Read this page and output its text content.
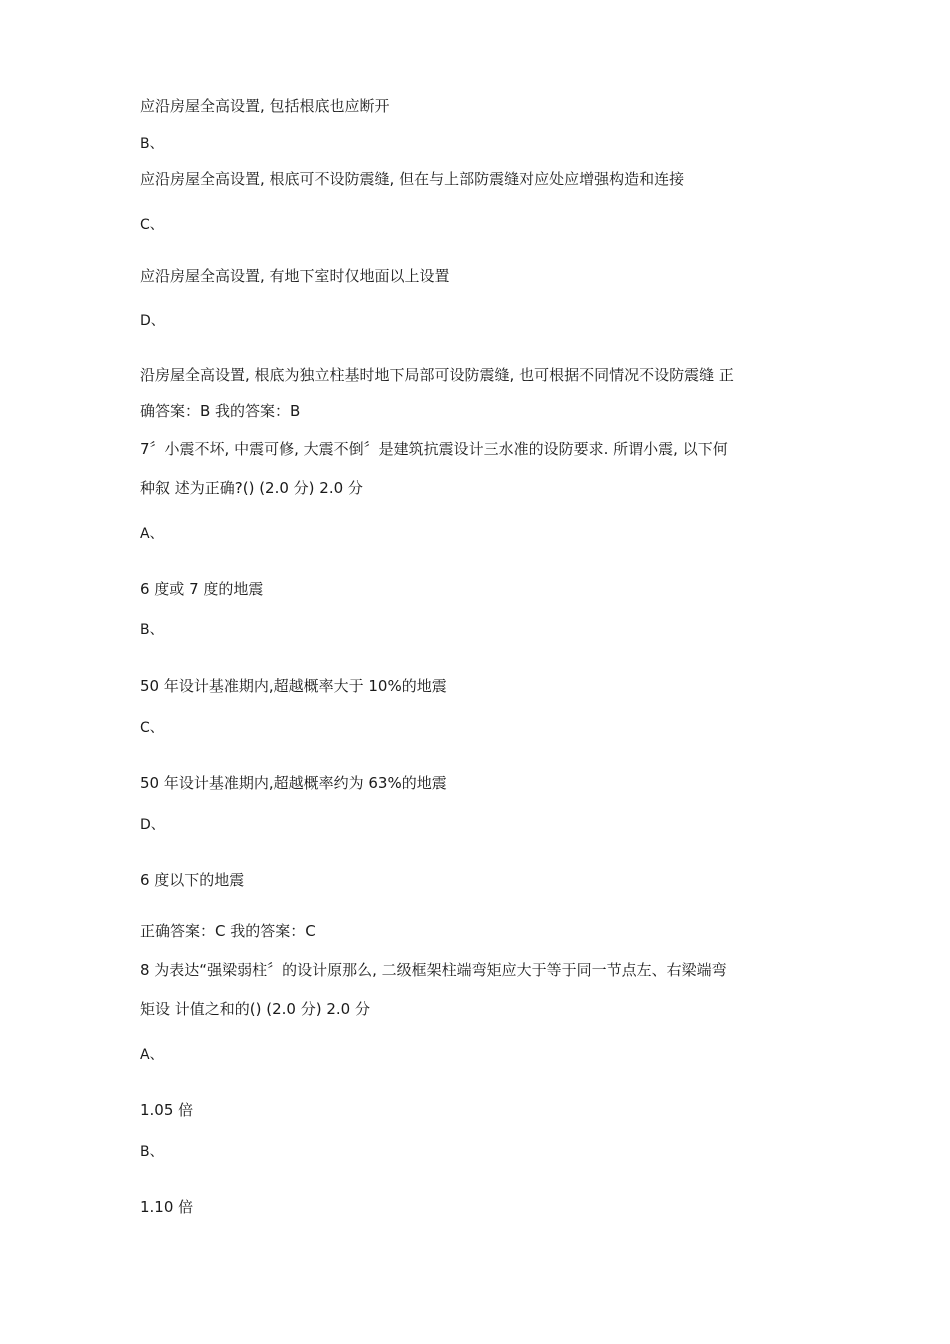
应沿房屋全高设置, 包括根底也应断开
B、
应沿房屋全高设置, 根底可不设防震缝, 但在与上部防震缝对应处应增强构造和连接
C、
应沿房屋全高设置, 有地下室时仅地面以上设置
D、
沿房屋全高设置, 根底为独立柱基时地下局部可设防震缝, 也可根据不同情况不设防震缝 正
确答案：B 我的答案：B
7〞小震不坏, 中震可修, 大震不倒〞是建筑抗震设计三水准的设防要求. 所谓小震, 以下何
种叙 述为正确?() (2.0 分) 2.0 分
A、
6 度或 7 度的地震
B、
50 年设计基准期内,超越概率大于 10%的地震
C、
50 年设计基准期内,超越概率约为 63%的地震
D、
6 度以下的地震
正确答案：C 我的答案：C
8 为表达“强梁弱柱〞的设计原那么, 二级框架柱端弯矩应大于等于同一节点左、右梁端弯
矩设 计值之和的() (2.0 分) 2.0 分
A、
1.05 倍
B、
1.10 倍
